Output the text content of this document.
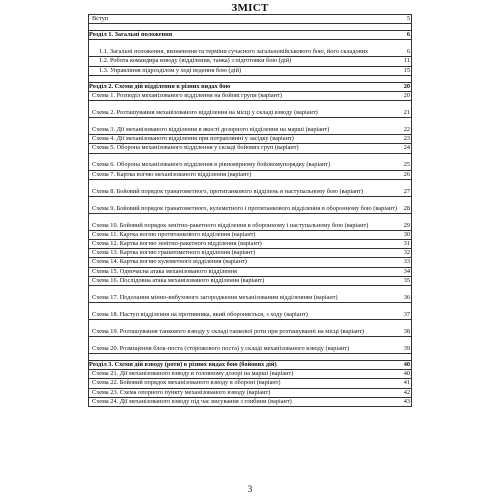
ЗМІСТ
Вступ	5
Розділ 1. Загальні положення	6
1.1. Загальні положення, визначення та терміни сучасного загальновійськового бою, його складових	6
1.2. Робота командира взводу (відділення, танка) з підготовки бою (дій)	11
1.3. Управління підрозділом у ході ведення бою (дій)	15
Розділ 2. Схеми дій відділення в різних видах бою	20
Схема 1. Розподіл механізованого відділення на бойові групи (варіант)	20
Схема 2. Розташування механізованого відділення на місці у складі взводу (варіант)	21
Схема 3. Дії механізованого відділення в якості дозорного відділення на марші (варіант)	22
Схема 4. Дії механізованого відділення при потраплянні у засідку (варіант)	23
Схема 5. Оборона механізованого відділення у складі бойових груп (варіант)	24
Схема 6. Оборона механізованого відділення в рівномірному бойовомупорядку (варіант)	25
Схема 7. Картка вогню механізованого відділення (варіант)	26
Схема 8. Бойовий порядок гранатометного, протитанкового відділень в наступальному бою (варіант)	27
Схема 9. Бойовий порядок гранатометного, кулеметного і протитанкового відділення в оборонному бою (варіант)	28
Схема 10. Бойовий порядок зенітно-ракетного відділення в оборонному і наступальному бою (варіант)	29
Схема 11. Картка вогню протитанкового відділення (варіант)	30
Схема 12. Картка вогню зенітно-ракетного відділення (варіант)	31
Схема 13. Картка вогню гранатометного відділення (варіант)	32
Схема 14. Картка вогню кулеметного відділення (варіант)	33
Схема 15. Одночасна атака механізованого відділення	34
Схема 16. Послідовна атака механізованого відділення (варіант)	35
Схема 17. Подолання мінно-вибухового загородження механізованим відділенням (варіант)	36
Схема 18. Наступ відділення на противника, який обороняється, з ходу (варіант)	37
Схема 19. Розташування танкового взводу у складі танкової роти при розташуванні на місці (варіант)	38
Схема 20. Розміщення блок-поста (сторожового поста) у складі механізованого взводу (варіант)	39
Розділ 3. Схеми дій взводу (роти) в різних видах бою (бойових дій)	40
Схема 21. Дії механізованого взводу в головному дозорі на марші (варіант)	40
Схема 22. Бойовий порядок механізованого взводу в обороні (варіант)	41
Схема 23. Схема опорного пункту механізованого взводу (варіант)	42
Схема 24. Дії механізованого взводу під час висування з глибини (варіант)	43
3
